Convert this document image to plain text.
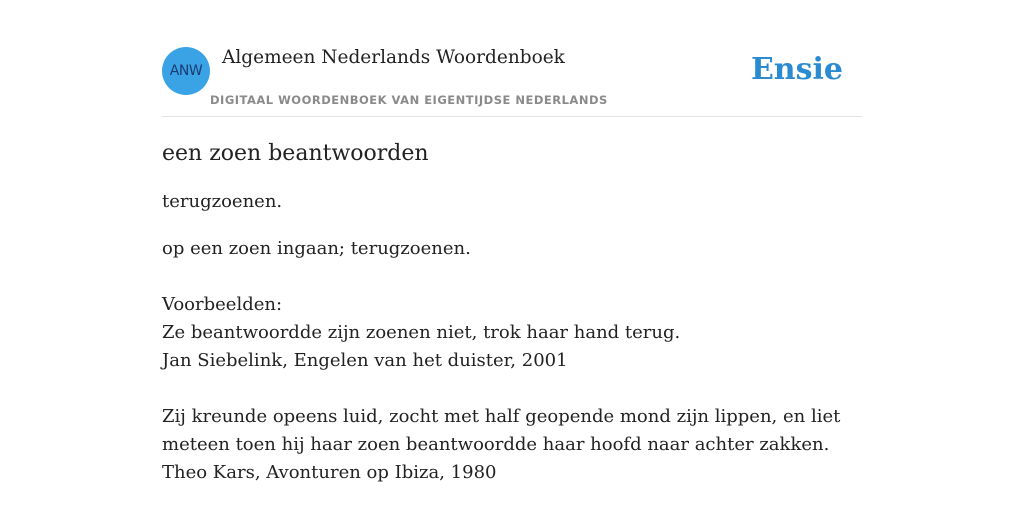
ANW
Algemeen Nederlands Woordenboek
DIGITAAL WOORDENBOEK VAN EIGENTIJDSE NEDERLANDS
Ensie
een zoen beantwoorden

terugzoenen.

op een zoen ingaan; terugzoenen.

Voorbeelden:

Ze beantwoordde zijn zoenen niet, trok haar hand terug.

Jan Siebelink, Engelen van het duister, 2001

Zij kreunde opeens luid, zocht met half geopende mond zijn lippen, en liet

meteen toen hij haar zoen beantwoordde haar hoofd naar achter zakken.

Theo Kars, Avonturen op Ibiza, 1980
